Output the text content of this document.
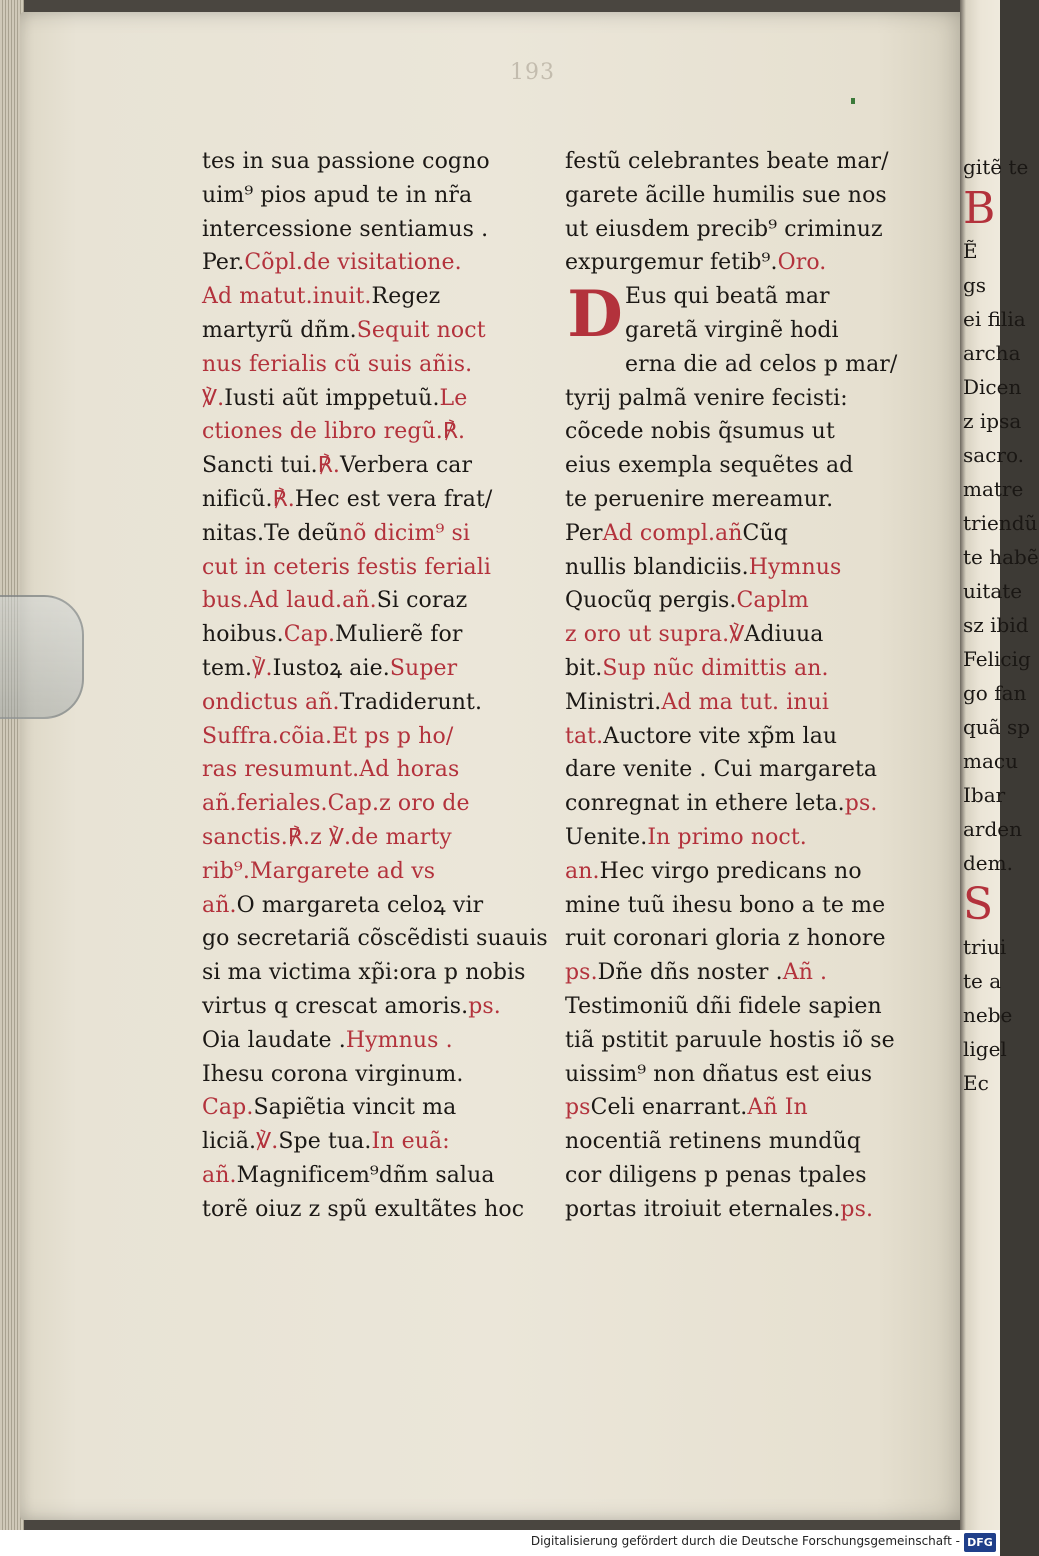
gitẽ te
B
Ẽ
gs
ei filia
archa
Dicen
z ipsa
sacro.
matre
triendũ
te habẽ
uitate
sz ibid
Felicig
go fan
quã sp
macu
Ibar
arden
dem.
S
triui
te a
nebe
ligel
Ec
193
tes in sua passione cogno
uim⁹ pios apud te in nr̃a
intercessione sentiamus .
Per.Cõpl.de visitatione.
Ad matut.inuit.Regez
martyrũ dñm.Sequit noct
nus ferialis cũ suis añis.
℣.Iusti aũt imppetuũ.Le
ctiones de libro regũ.℟.
Sancti tui.℟.Verbera car
nificũ.℟.Hec est vera frat/
nitas.Te deũnõ dicim⁹ si
cut in ceteris festis feriali
bus.Ad laud.añ.Si coraz
hoibus.Cap.Mulierẽ for
tem.℣.Iustoꝝ aie.Super
ondictus añ.Tradiderunt.
Suffra.cõia.Et ps p ho/
ras resumunt.Ad horas
añ.feriales.Cap.z oro de
sanctis.℟.z ℣.de marty
rib⁹.Margarete ad vs
añ.O margareta celoꝝ vir
go secretariã cõscẽdisti suauis
si ma victima xp̃i:ora p nobis
virtus q crescat amoris.ps.
Oia laudate .Hymnus .
Ihesu corona virginum.
Cap.Sapiẽtia vincit ma
liciã.℣.Spe tua.In euã:
añ.Magnificem⁹dñm salua
torẽ oiuz z spũ exultãtes hoc
festũ celebrantes beate mar/
garete ãcille humilis sue nos
ut eiusdem precib⁹ criminuz
expurgemur fetib⁹.Oro.
D Eus qui beatã mar
garetã virginẽ hodi
erna die ad celos p mar/
tyrij palmã venire fecisti:
cõcede nobis q̃sumus ut
eius exempla sequẽtes ad
te peruenire mereamur.
PerAd compl.añCũq
nullis blandiciis.Hymnus
Quocũq pergis.Caplm
z oro ut supra.℣Adiuua
bit.Sup nũc dimittis an.
Ministri.Ad ma tut. inui
tat.Auctore vite xp̃m lau
dare venite . Cui margareta
conregnat in ethere leta.ps.
Uenite.In primo noct.
an.Hec virgo predicans no
mine tuũ ihesu bono a te me
ruit coronari gloria z honore
ps.Dñe dñs noster .Añ .
Testimoniũ dñi fidele sapien
tiã pstitit paruule hostis iõ se
uissim⁹ non dñatus est eius
psCeli enarrant.Añ In
nocentiã retinens mundũq
cor diligens p penas tpales
portas itroiuit eternales.ps.
Digitalisierung gefördert durch die Deutsche Forschungsgemeinschaft - DFG
